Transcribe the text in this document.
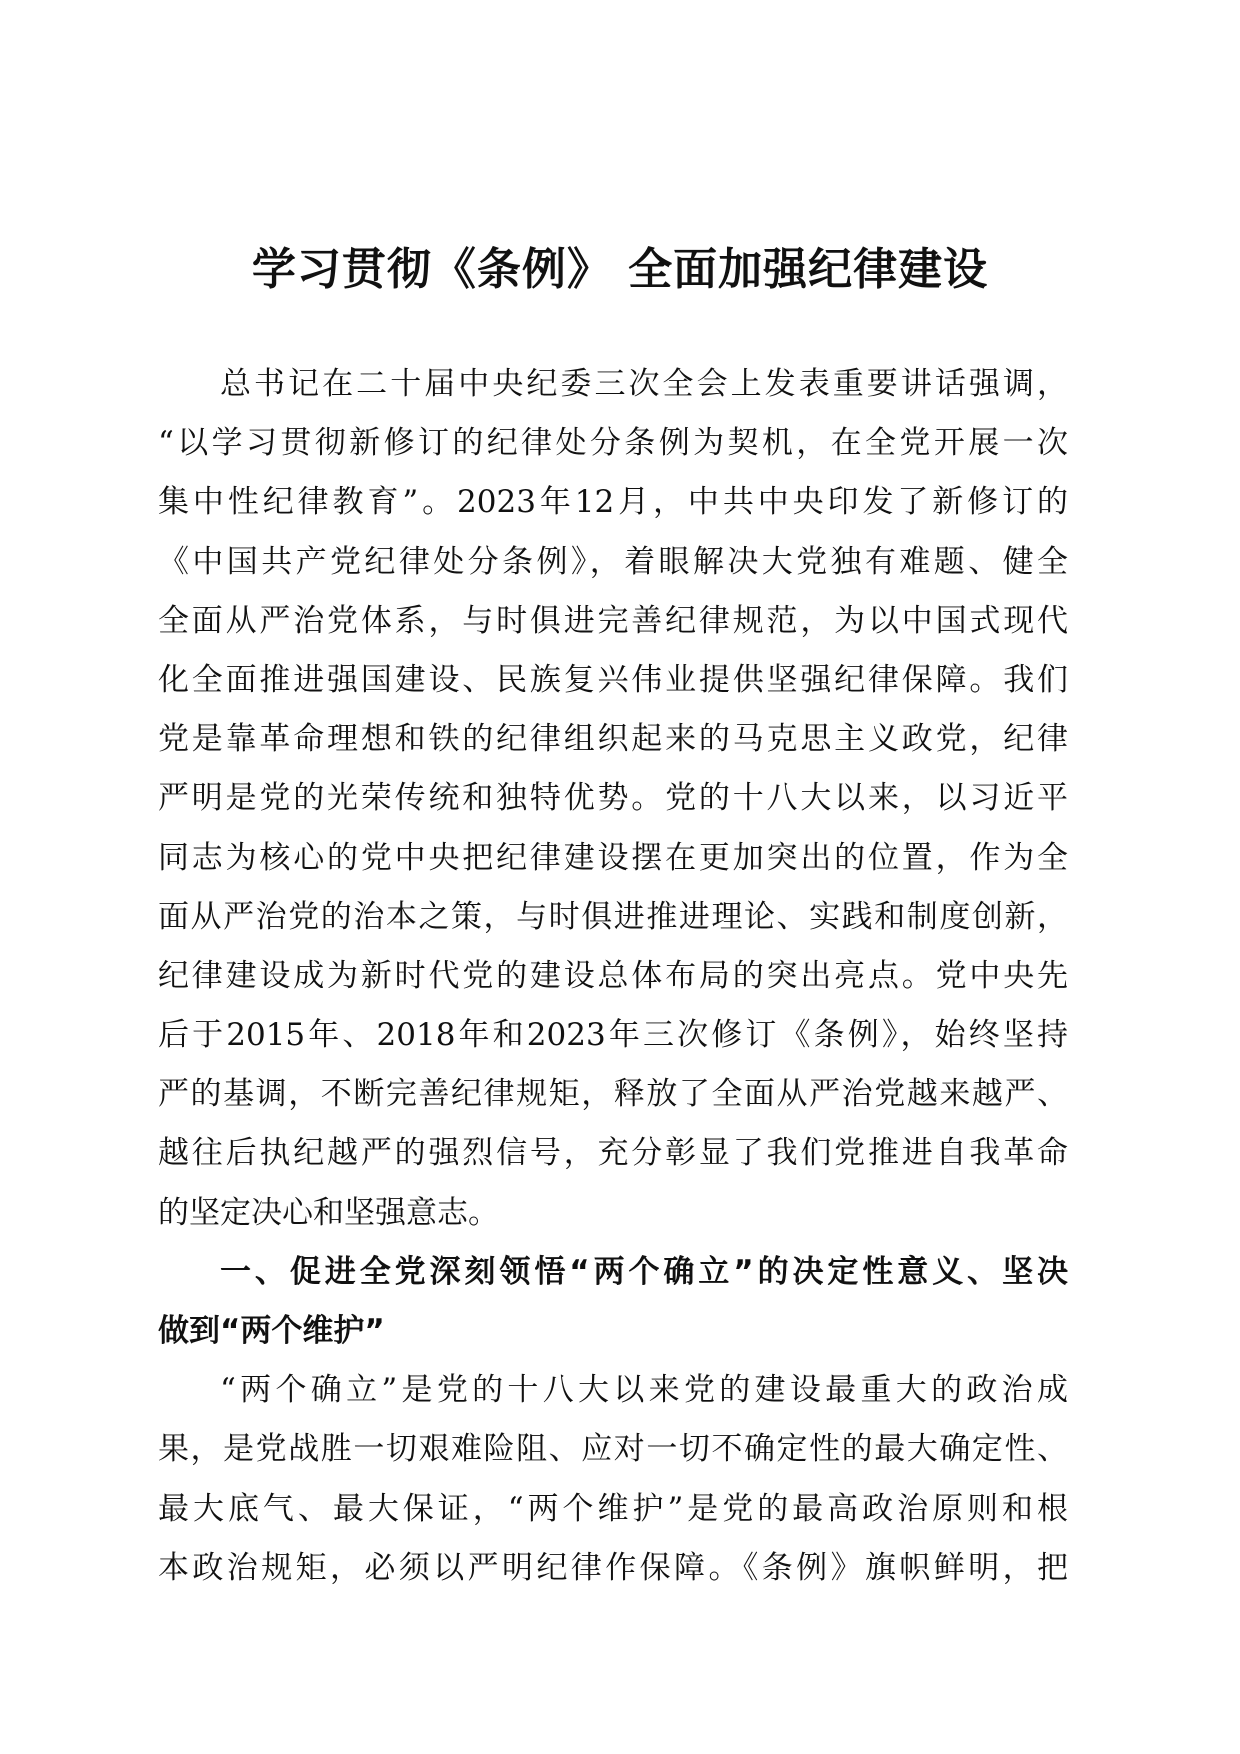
学习贯彻《条例》 全面加强纪律建设

总书记在二十届中央纪委三次全会上发表重要讲话强调，

“以学习贯彻新修订的纪律处分条例为契机，在全党开展一次

集中性纪律教育”。2023年12月，中共中央印发了新修订的

《中国共产党纪律处分条例》，着眼解决大党独有难题、健全

全面从严治党体系，与时俱进完善纪律规范，为以中国式现代

化全面推进强国建设、民族复兴伟业提供坚强纪律保障。我们

党是靠革命理想和铁的纪律组织起来的马克思主义政党，纪律

严明是党的光荣传统和独特优势。党的十八大以来，以习近平

同志为核心的党中央把纪律建设摆在更加突出的位置，作为全

面从严治党的治本之策，与时俱进推进理论、实践和制度创新，

纪律建设成为新时代党的建设总体布局的突出亮点。党中央先

后于2015年、2018年和2023年三次修订《条例》，始终坚持

严的基调，不断完善纪律规矩，释放了全面从严治党越来越严、

越往后执纪越严的强烈信号，充分彰显了我们党推进自我革命

的坚定决心和坚强意志。

一、促进全党深刻领悟“两个确立”的决定性意义、坚决

做到“两个维护”

“两个确立”是党的十八大以来党的建设最重大的政治成

果，是党战胜一切艰难险阻、应对一切不确定性的最大确定性、

最大底气、最大保证，“两个维护”是党的最高政治原则和根

本政治规矩，必须以严明纪律作保障。《条例》旗帜鲜明，把
